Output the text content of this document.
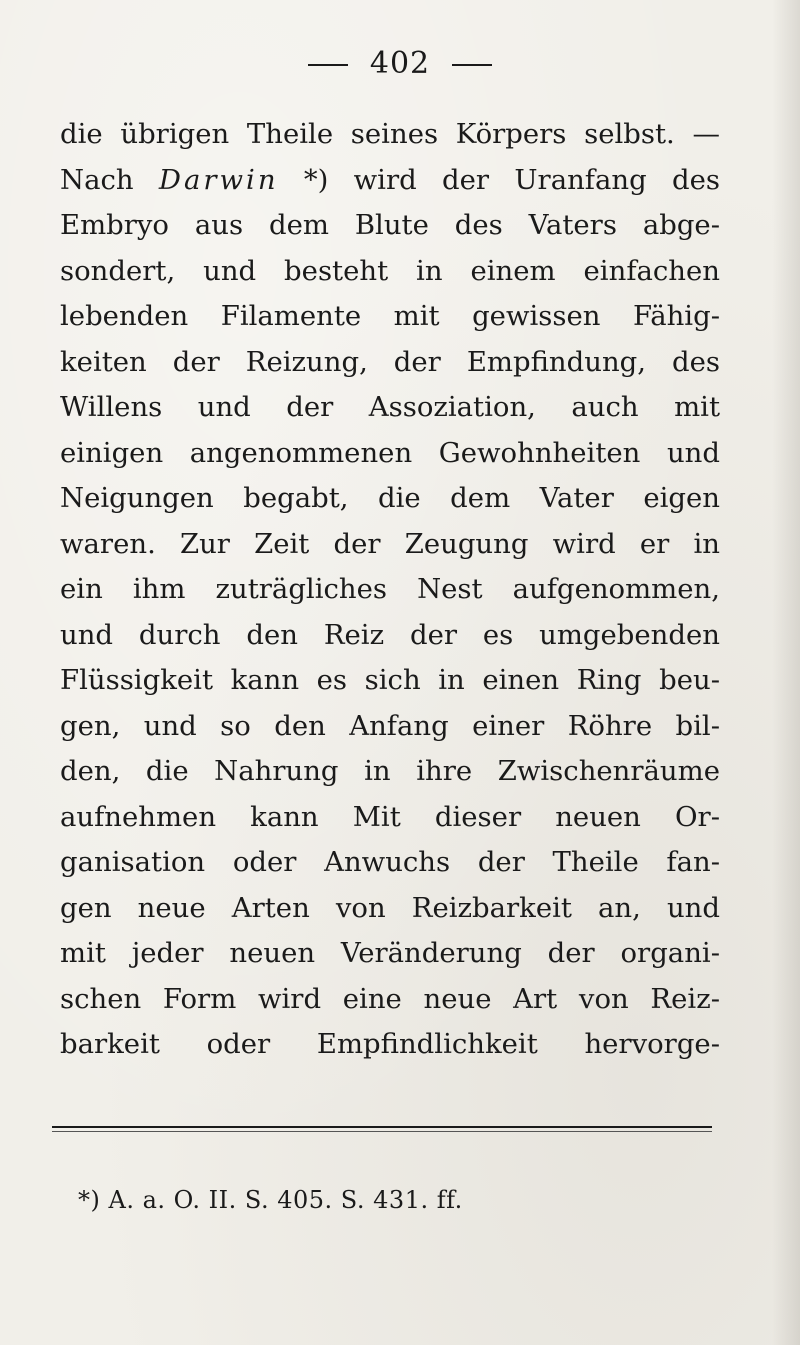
402
die übrigen Theile seines Körpers selbst. —
Nach Darwin *) wird der Uranfang des
Embryo aus dem Blute des Vaters abge-
sondert, und besteht in einem einfachen
lebenden Filamente mit gewissen Fähig-
keiten der Reizung, der Empfindung, des
Willens und der Assoziation, auch mit
einigen angenommenen Gewohnheiten und
Neigungen begabt, die dem Vater eigen
waren. Zur Zeit der Zeugung wird er in
ein ihm zuträgliches Nest aufgenommen,
und durch den Reiz der es umgebenden
Flüssigkeit kann es sich in einen Ring beu-
gen, und so den Anfang einer Röhre bil-
den, die Nahrung in ihre Zwischenräume
aufnehmen kann Mit dieser neuen Or-
ganisation oder Anwuchs der Theile fan-
gen neue Arten von Reizbarkeit an, und
mit jeder neuen Veränderung der organi-
schen Form wird eine neue Art von Reiz-
barkeit oder Empfindlichkeit hervorge-
*) A. a. O. II. S. 405. S. 431. ff.
